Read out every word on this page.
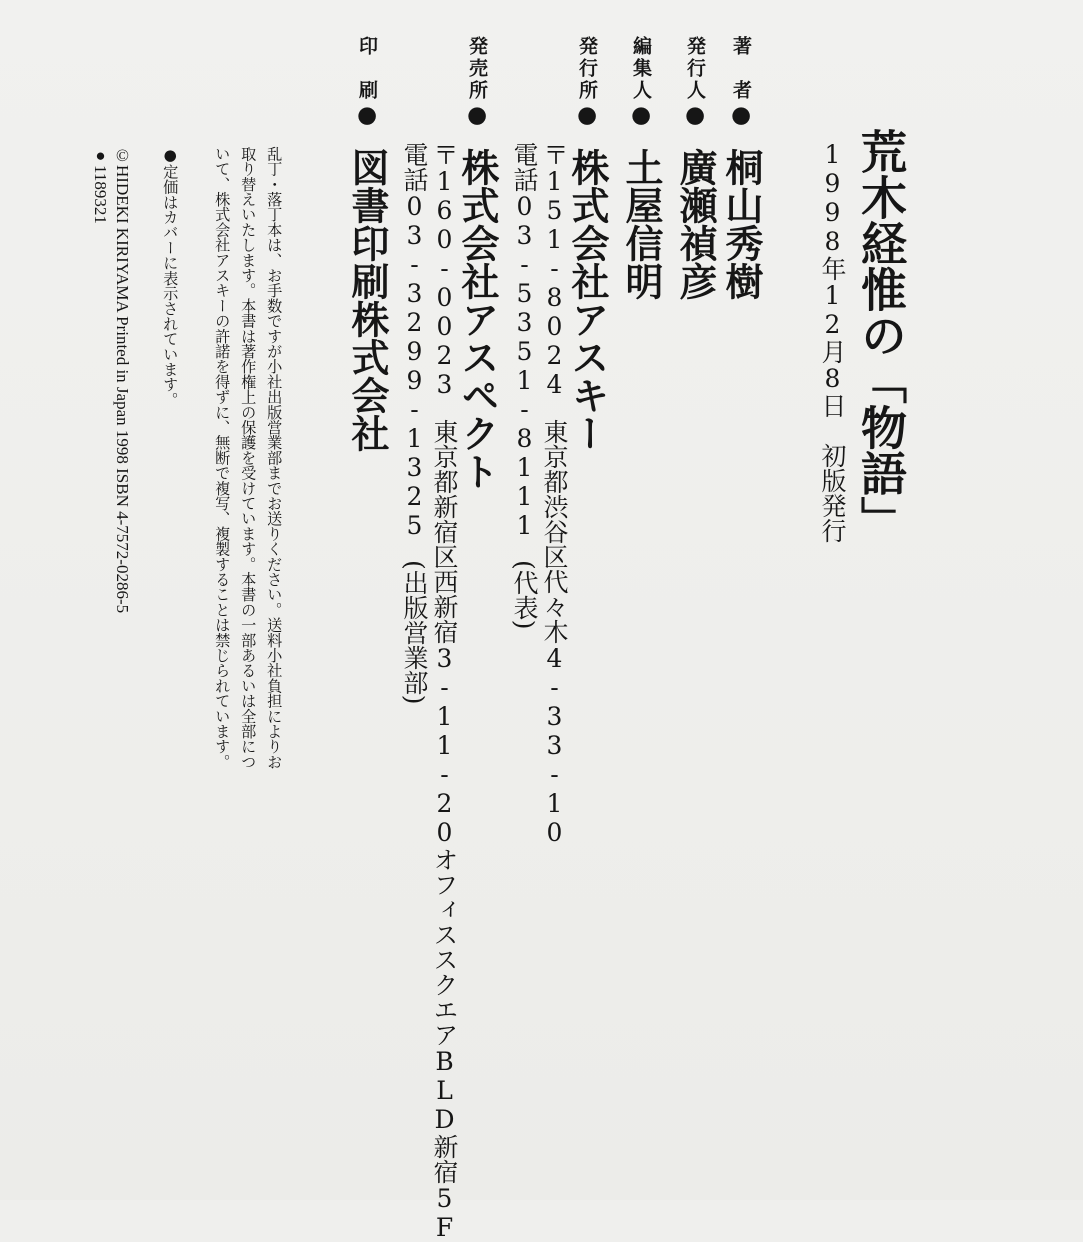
荒木経惟の「物語」
1998年12月8日　初版発行
著　者●桐山秀樹
発行人●廣瀬禎彦
編集人●土屋信明
発行所●株式会社アスキー
〒151-8024東京都渋谷区代々木4-33-10
電話03-5351-8111(代表)
発売所●株式会社アスペクト
〒160-0023東京都新宿区西新宿3-11-20オフィススクエアBLD新宿5F
電話03-3299-1325(出版営業部)
印　刷●図書印刷株式会社
乱丁・落丁本は、お手数ですが小社出版営業部までお送りください。送料小社負担によりお
取り替えいたします。本書は著作権上の保護を受けています。本書の一部あるいは全部につ
いて、株式会社アスキーの許諾を得ずに、無断で複写、複製することは禁じられています。
●定価はカバーに表示されています。
©HIDEKI KIRIYAMA Printed in Japan 1998 ISBN 4-7572-0286-5
●1189321
